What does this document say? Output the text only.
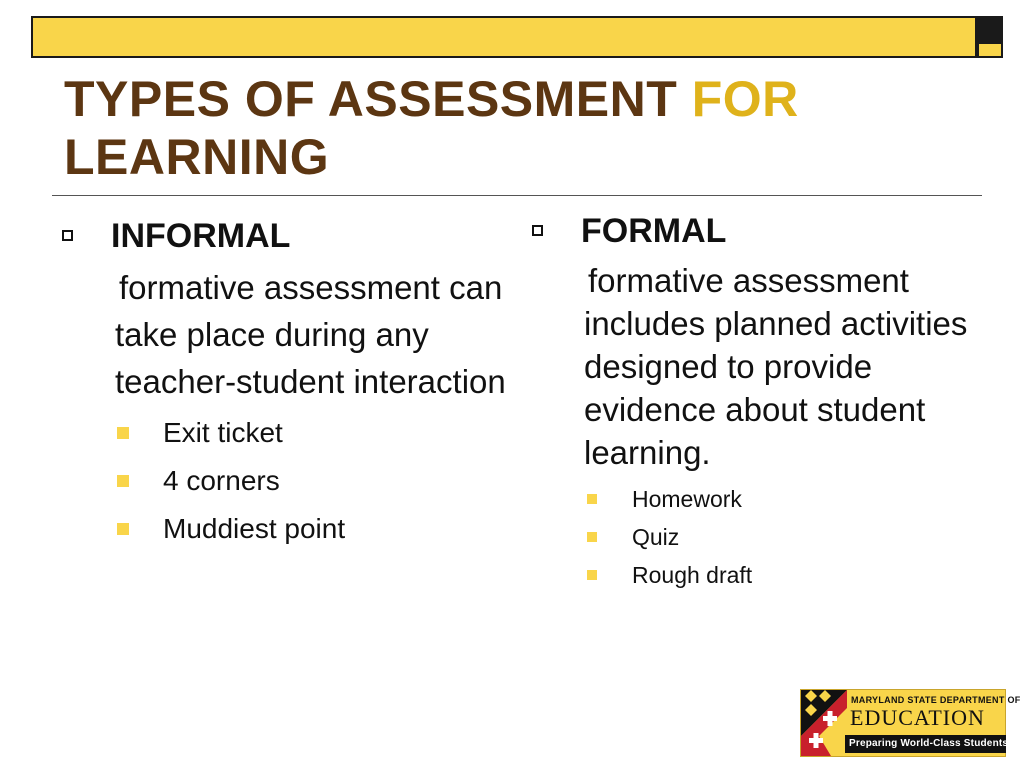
TYPES OF ASSESSMENT FOR
LEARNING
INFORMAL
formative assessment can take place during any teacher-student interaction
Exit ticket
4 corners
Muddiest point
FORMAL
formative assessment includes planned activities designed to provide evidence about student learning.
Homework
Quiz
Rough draft
MARYLAND STATE DEPARTMENT OF
EDUCATION
Preparing World-Class Students
